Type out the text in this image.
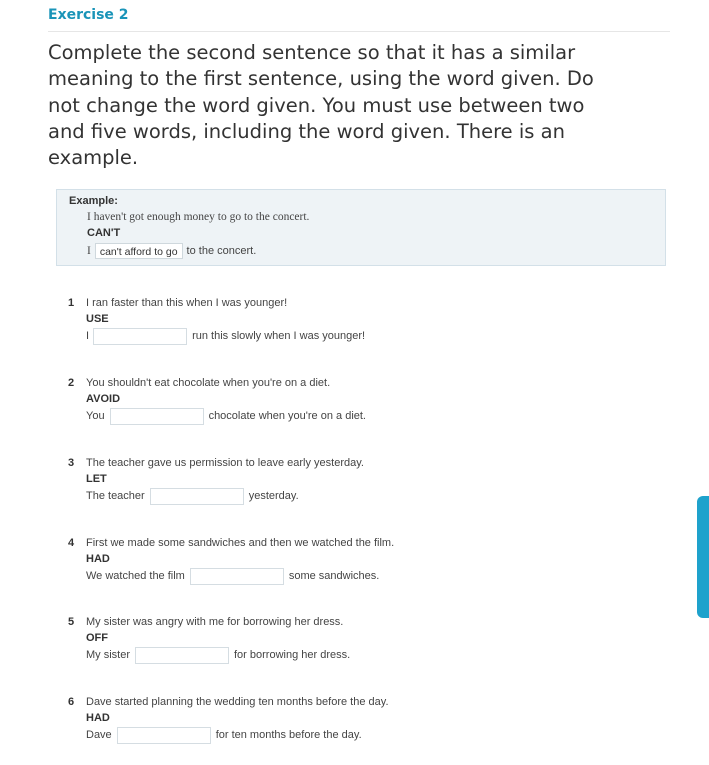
Exercise 2

Complete the second sentence so that it has a similar meaning to the first sentence, using the word given. Do not change the word given. You must use between two and five words, including the word given. There is an example.

Example:
I haven't got enough money to go to the concert.
CAN'T
I can't afford to go to the concert.
1 I ran faster than this when I was younger!
USE
I	run this slowly when I was younger!
2 You shouldn't eat chocolate when you're on a diet.
AVOID
You	chocolate when you're on a diet.
3 The teacher gave us permission to leave early yesterday.
LET
The teacher	yesterday.
4 First we made some sandwiches and then we watched the film.
HAD
We watched the film	some sandwiches.
5 My sister was angry with me for borrowing her dress.
OFF
My sister	for borrowing her dress.
6 Dave started planning the wedding ten months before the day.
HAD
Dave	for ten months before the day.
